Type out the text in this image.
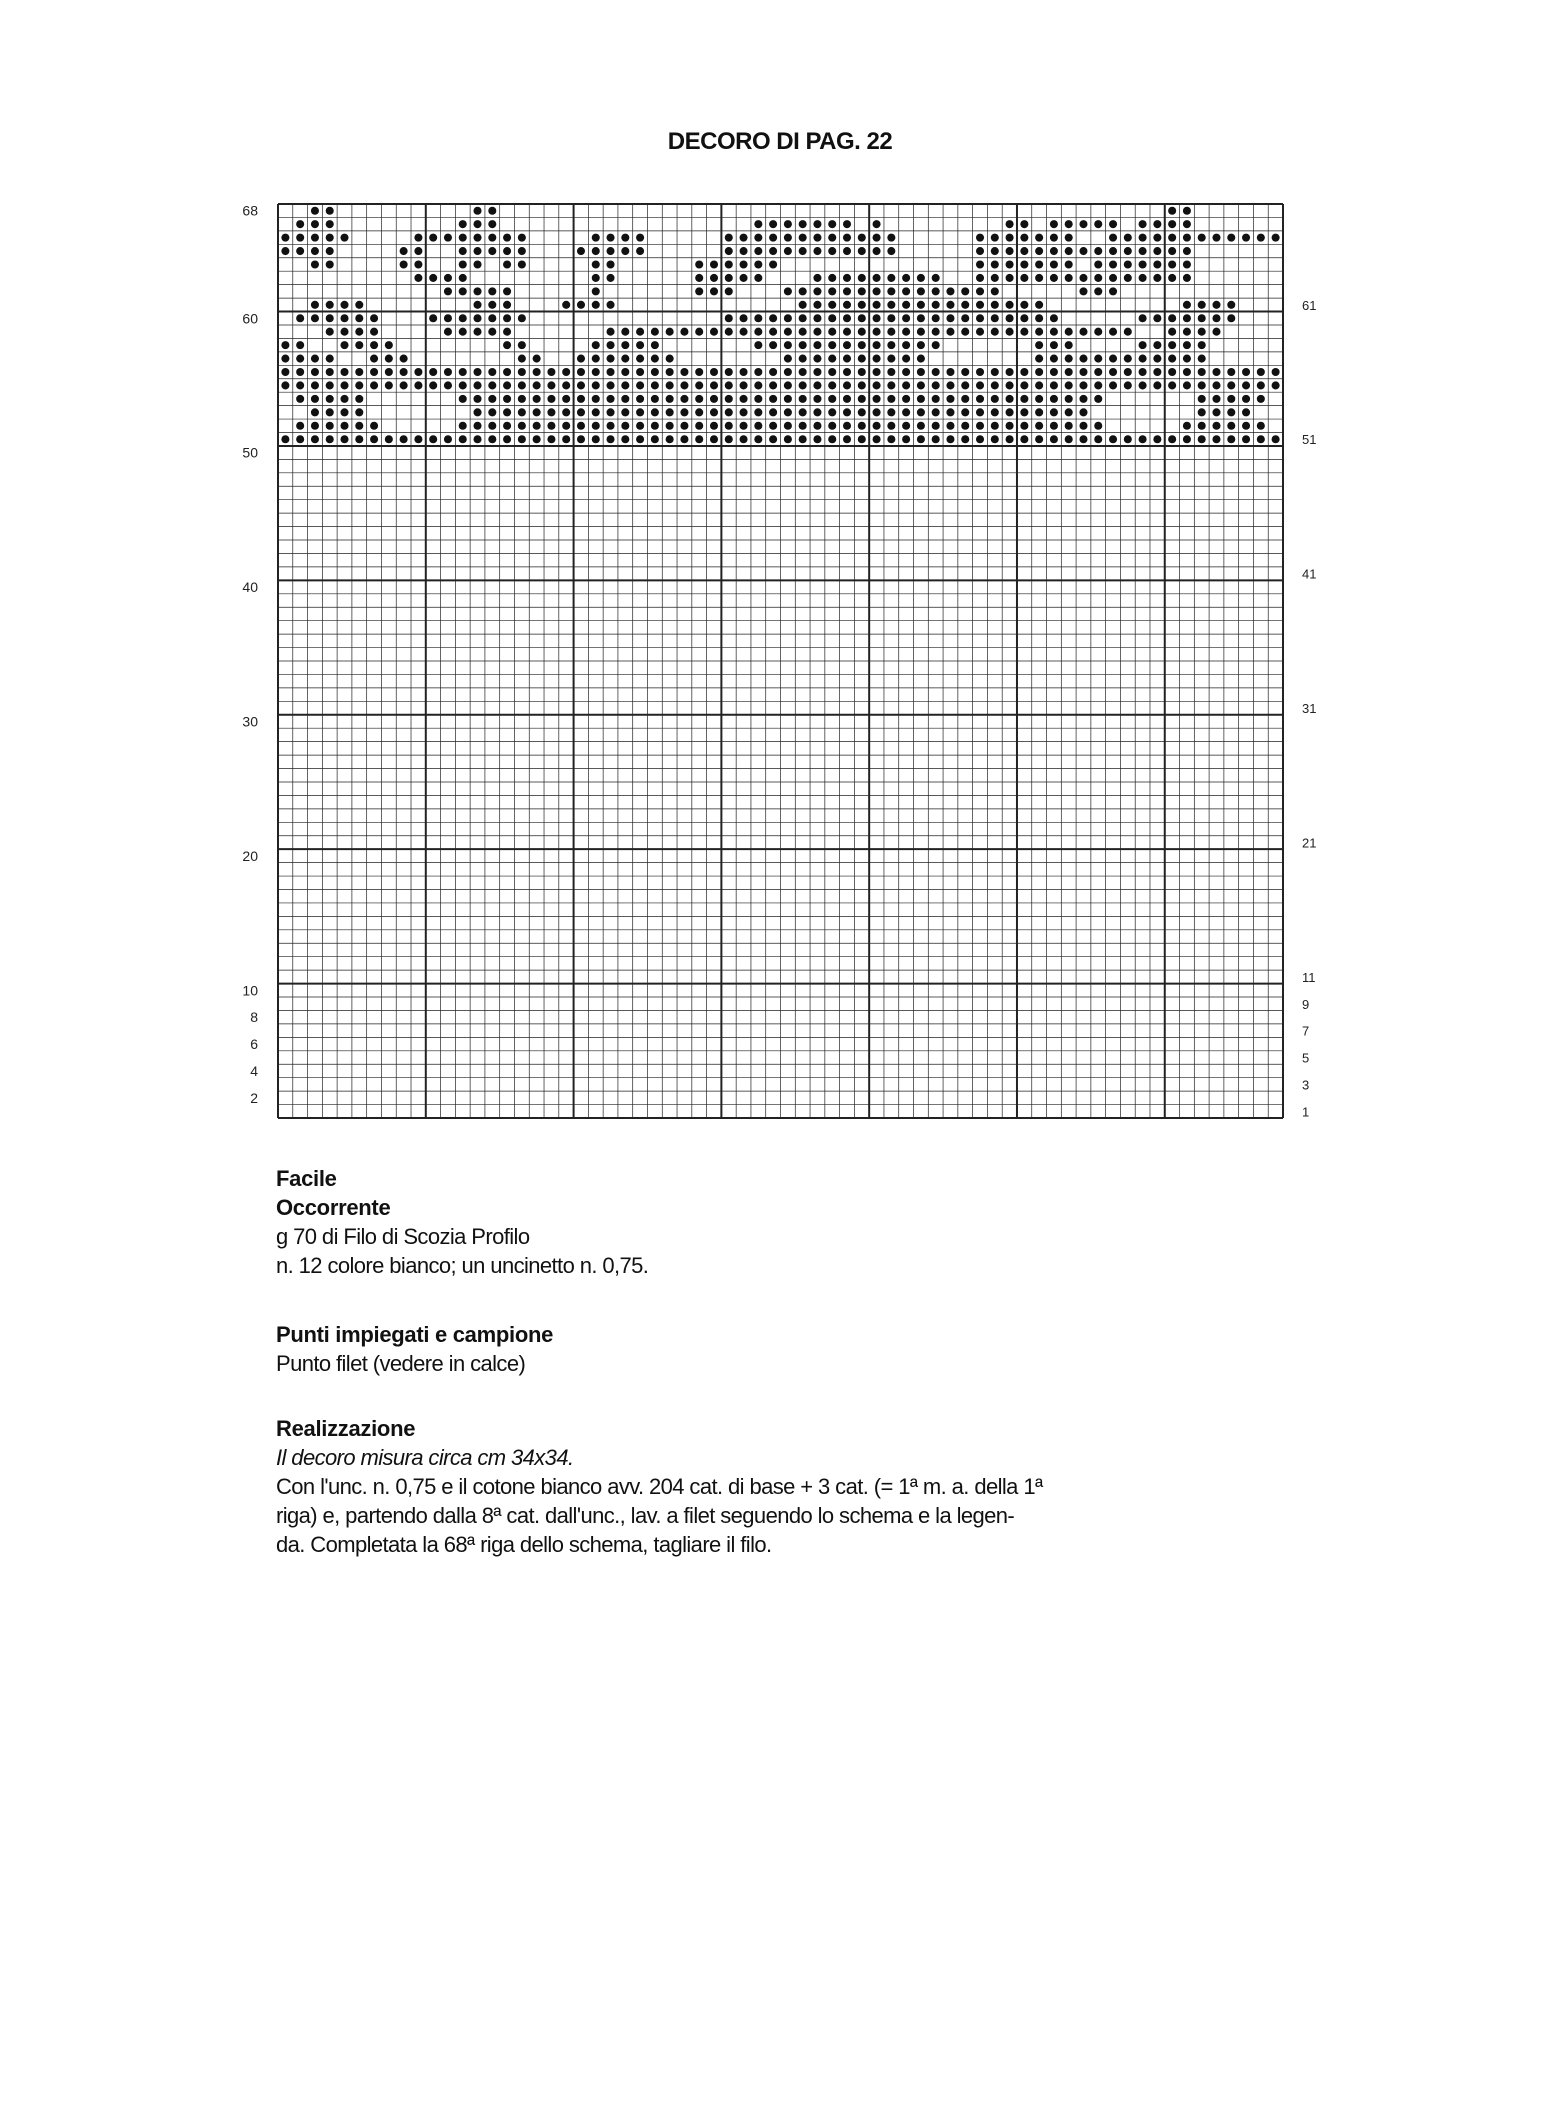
DECORO DI PAG. 22
68
60
50
40
30
20
10
8
6
4
2
61
51
41
31
21
11
9
7
5
3
1
Facile
Occorrente

g 70 di Filo di Scozia Profilo

n. 12 colore bianco; un uncinetto n. 0,75.

Punti impiegati e campione

Punto filet (vedere in calce)

Realizzazione

Il decoro misura circa cm 34x34.

Con l'unc. n. 0,75 e il cotone bianco avv. 204 cat. di base + 3 cat. (= 1ª m. a. della 1ª

riga) e, partendo dalla 8ª cat. dall'unc., lav. a filet seguendo lo schema e la legen-

da. Completata la 68ª riga dello schema, tagliare il filo.
